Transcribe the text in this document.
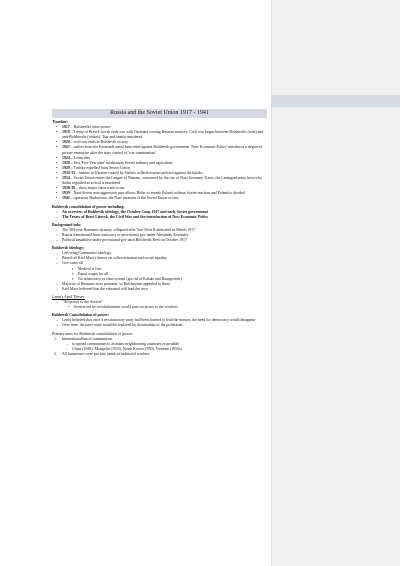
Russia and the Soviet Union 1917 - 1941
Timeline:
• 1917 – Bolsheviks seize power
• 1918 – Treaty of Brest-Litovsk ends war with Germany costing Russian territory. Civil war begun between Bolsheviks (reds) and anti-Bolsheviks (whites). Tsar and family murdered
• 1920 – civil war ends in Bolshevik victory
• 1921 – sailors from the Kronstadt naval base rebel against Bolshevik government. 'New Economic Policy' introduces a degree of private enterprise after the state control of 'war communism'
• 1924 – Lenin dies
• 1928 – first 'Five Year plan' modernizes Soviet industry and agriculture
• 1929 – Trotsky expelled from Soviet Union
• 1932-33 – famine in Ukraine caused by Stalin's collectivisation policies against the kulaks
• 1934 – Soviet Union enters the League of Nations, concerned by the rise of Nazi Germany. Kirov, the Leningrad party boss who Stalin regarded as a rival is murdered
• 1936-38 – show major show trails occur
• 1939 – Nazi-Soviet non-aggression pact allows Hitler to invade Poland without Soviet reaction and Poland is divided
• 1941 – operation Barbarossa, the Nazi invasion of the Soviet Union occurs
Bolshevik consolidation of power including:
– An overview of Bolshevik ideology, the October Coup 1917 and early Soviet government
– The Treaty of Brest Litovsk, the Civil War and the introduction of New Economic Policy
Background info:
– The 304-year Romanov dynasty collapsed after Tsar Nich II abdicated in March 1917
– Russia transitioned from autocracy to provisional gov under Alexander Kerensky
– Political instability under provisional gov until Bolshevik Revo in October 1917
Bolshevik ideology:
– Left-wing Communist ideology
– Based off Karl Marx's theory on collectivisation and social equality
– Gov owns all
▪ Medical is free
▪ Equal wages for all
▪ No aristocracy or class system (got rid of Kulaks and Bourgeoisie)
– Majority of Russians were peasants, so Bolshevism appealed to them
– Karl Marx believed that the educated will lead the revo
Lenin's April Theses:
– "All power to the Soviets"
• Soviets led by revolutionaries would pass on power to the workers
Bolshevik Consolidation of power:
– Lenin believed that once a revolutionary party had been formed to lead the masses, the need for democracy would disappear
– Over time, the party-state would be replaced by dictatorship of the proletariat
Primary aims for Bolshevik consolidation of power:
1. Internationalism of communism
– to spread communism to as many neighbouring countries as possible
– China (1949), Mongolia (1925), North Korea (1950), Vietnam (1950s)
2. All businesses were put into hands of industrial workers
